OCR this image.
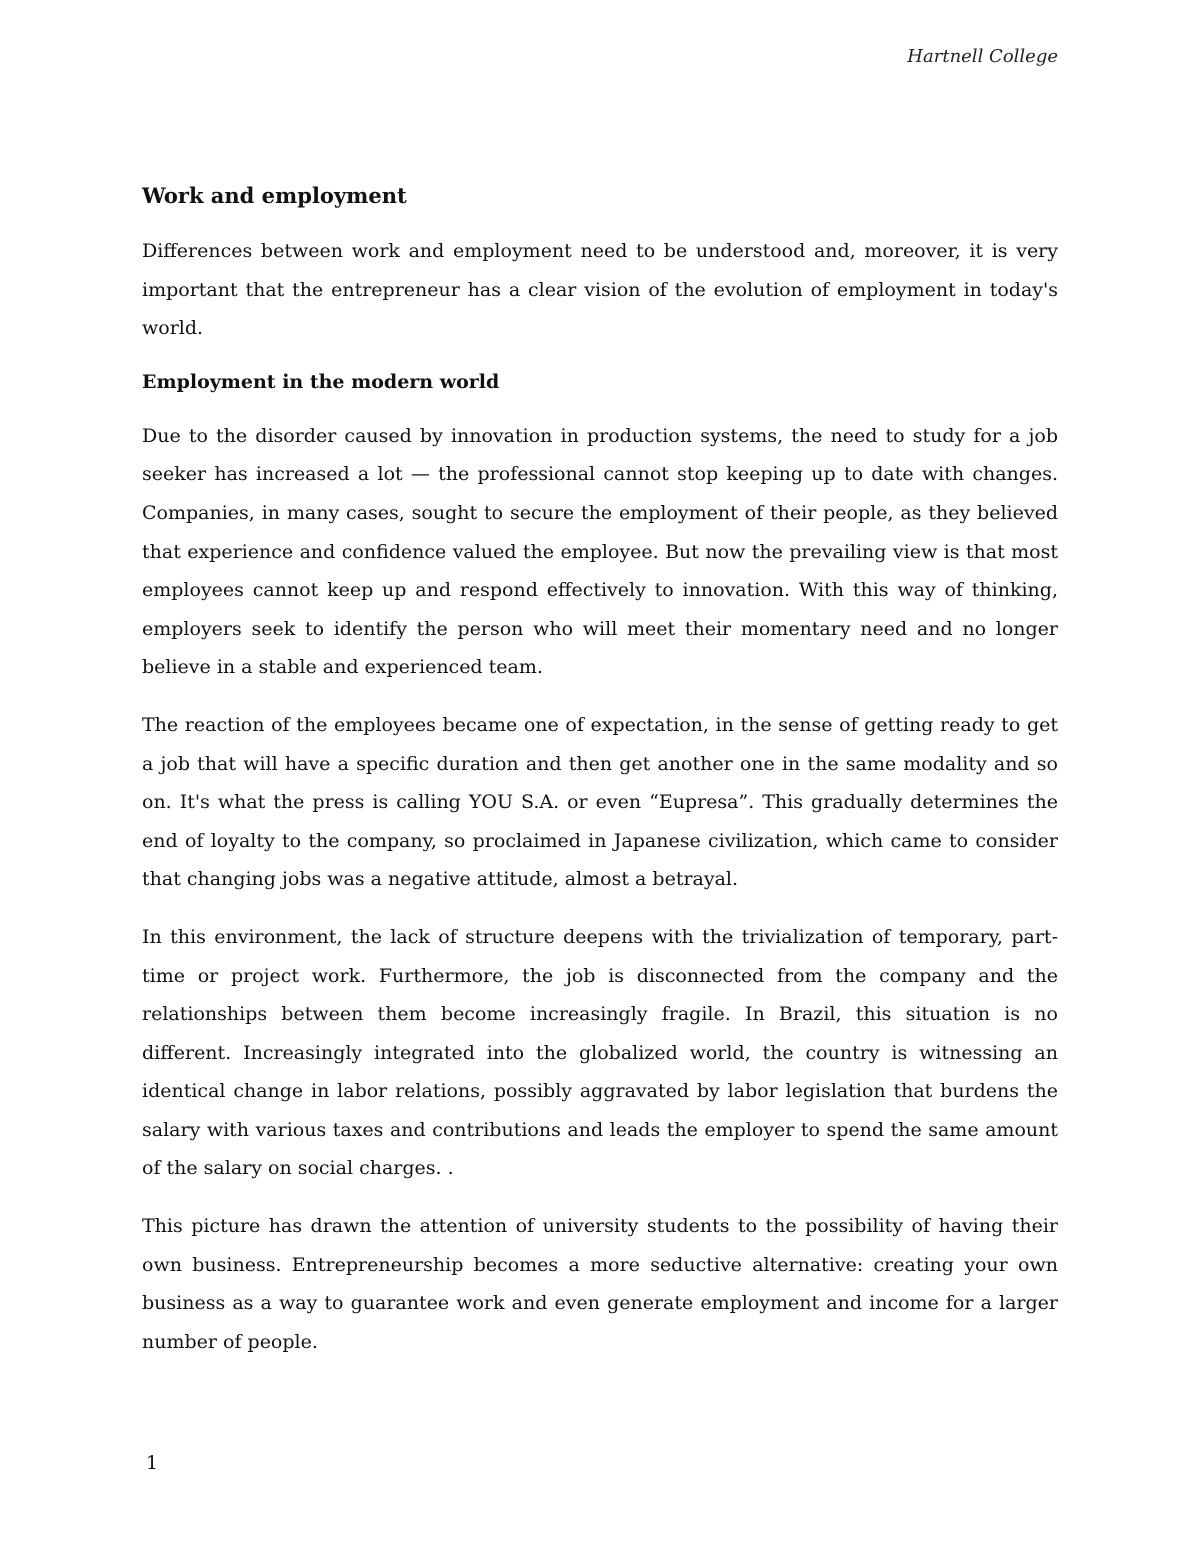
Hartnell College
Work and employment

Differences between work and employment need to be understood and, moreover, it is very important that the entrepreneur has a clear vision of the evolution of employment in today's world.

Employment in the modern world

Due to the disorder caused by innovation in production systems, the need to study for a job seeker has increased a lot — the professional cannot stop keeping up to date with changes. Companies, in many cases, sought to secure the employment of their people, as they believed that experience and confidence valued the employee. But now the prevailing view is that most employees cannot keep up and respond effectively to innovation. With this way of thinking, employers seek to identify the person who will meet their momentary need and no longer believe in a stable and experienced team.

The reaction of the employees became one of expectation, in the sense of getting ready to get a job that will have a specific duration and then get another one in the same modality and so on. It's what the press is calling YOU S.A. or even “Eupresa”. This gradually determines the end of loyalty to the company, so proclaimed in Japanese civilization, which came to consider that changing jobs was a negative attitude, almost a betrayal.

In this environment, the lack of structure deepens with the trivialization of temporary, part-time or project work. Furthermore, the job is disconnected from the company and the relationships between them become increasingly fragile. In Brazil, this situation is no different. Increasingly integrated into the globalized world, the country is witnessing an identical change in labor relations, possibly aggravated by labor legislation that burdens the salary with various taxes and contributions and leads the employer to spend the same amount of the salary on social charges. .

This picture has drawn the attention of university students to the possibility of having their own business. Entrepreneurship becomes a more seductive alternative: creating your own business as a way to guarantee work and even generate employment and income for a larger number of people.

1
